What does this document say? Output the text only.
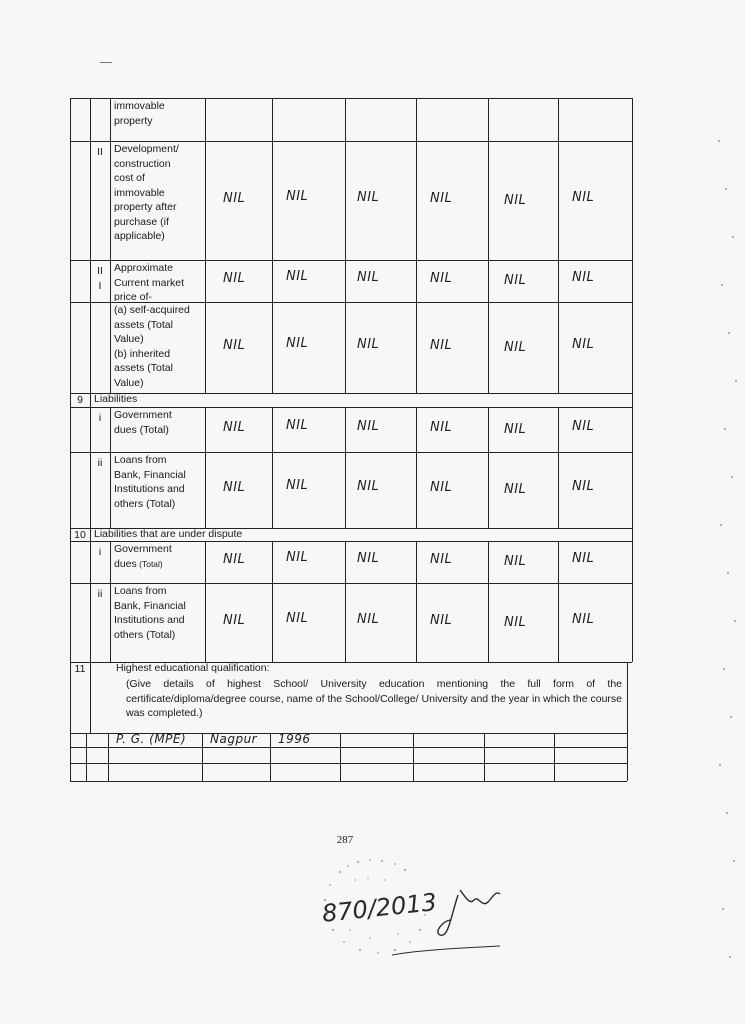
immovable
property
II	Development/
construction
cost of
immovable
property after
purchase (if
applicable)
NIL	NIL	NIL	NIL	NIL	NIL
II
I
Approximate
Current market
price of-
NIL	NIL	NIL	NIL	NIL	NIL
(a) self-acquired
assets (Total
Value)
(b) inherited
assets (Total
Value)
NIL	NIL	NIL	NIL	NIL	NIL
9	Liabilities
i	Government
dues (Total)	NIL	NIL	NIL	NIL	NIL	NIL
ii	Loans from
Bank, Financial
Institutions and
others (Total)
NIL	NIL	NIL	NIL	NIL	NIL
10 Liabilities that are under dispute
i	Government
dues (Total)	NIL	NIL	NIL	NIL	NIL	NIL
ii	Loans from
Bank, Financial
Institutions and
others (Total)
NIL	NIL	NIL	NIL	NIL	NIL
11	Highest educational qualification:
(Give details of highest School/ University education mentioning the full form of the certificate/diploma/degree course, name of the School/College/ University and the year in which the course was completed.)
P. G. (MPE)	Nagpur	1996
287
870/2013
